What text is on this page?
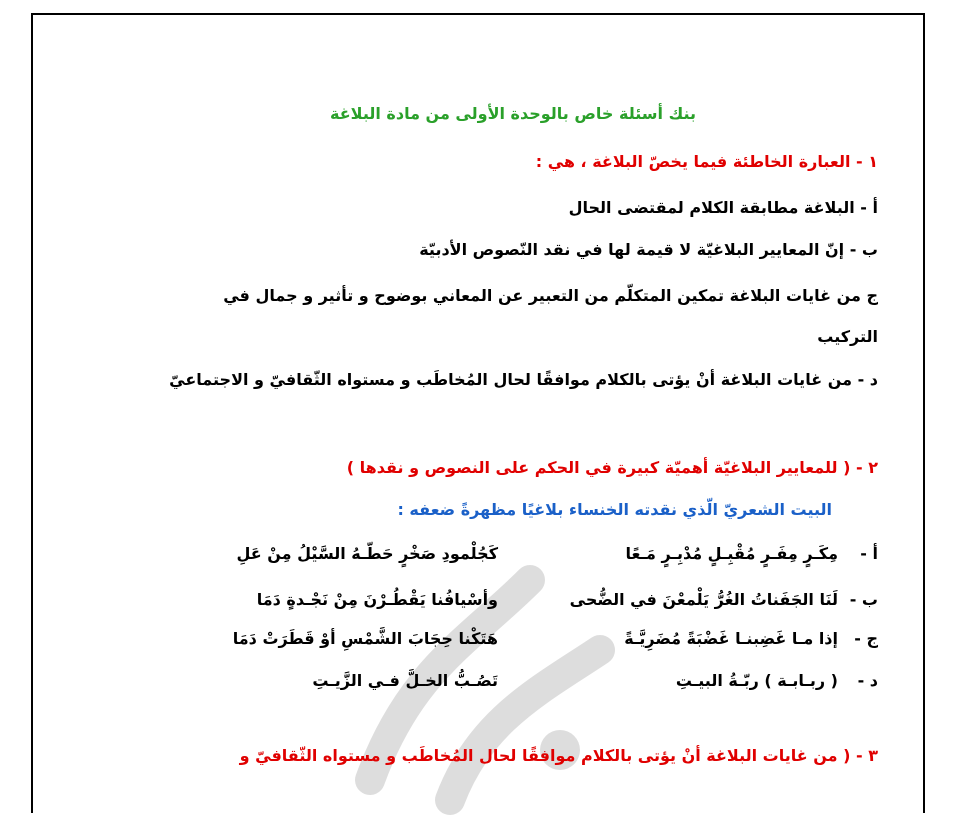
بنك أسئلة خاص بالوحدة الأولى من مادة البلاغة
١ - العبارة الخاطئة فيما يخصّ البلاغة ، هي :
أ - البلاغة مطابقة الكلام لمقتضى الحال
ب - إنّ المعايير البلاغيّة لا قيمة لها في نقد النّصوص الأدبيّة
ج من غايات البلاغة تمكين المتكلّم من التعبير عن المعاني بوضوح و تأثير و جمال في
التركيب
د - من غايات البلاغة أنْ يؤتى بالكلام موافقًا لحال المُخاطَب و مستواه الثّقافيّ و الاجتماعيّ
٢ - ( للمعايير البلاغيّة أهميّة كبيرة في الحكم على النصوص و نقدها )
البيت الشعريّ الّذي نقدته الخنساء بلاغيًا مظهرةً ضعفه :
أ -
مِكَـرٍ مِفَـرٍ مُقْبِـلٍ مُدْبِـرٍ مَـعًا
كَجُلْمودِ صَخْرٍ حَطّـهُ السَّيْلُ مِنْ عَلِ
ب -
لَنَا الجَفَناتُ الغُرُّ يَلْمعْنَ في الضُّحى
وأسْيافُنا يَقْطُـرْنَ مِنْ نَجْـدةٍ دَمَا
ج -
إذا مـا غَضِبنـا غَضْبَةً مُضَرِيَّـةً
هَتَكْنا حِجَابَ الشَّمْسِ أوْ قَطَرَتْ دَمَا
د -
( ربـابـة ) ربّـةُ البيـتِ
تَصُـبُّ الخـلَّ فـي الزَّيـتِ
٣ - ( من غايات البلاغة أنْ يؤتى بالكلام موافقًا لحال المُخاطَب و مستواه الثّقافيّ و
